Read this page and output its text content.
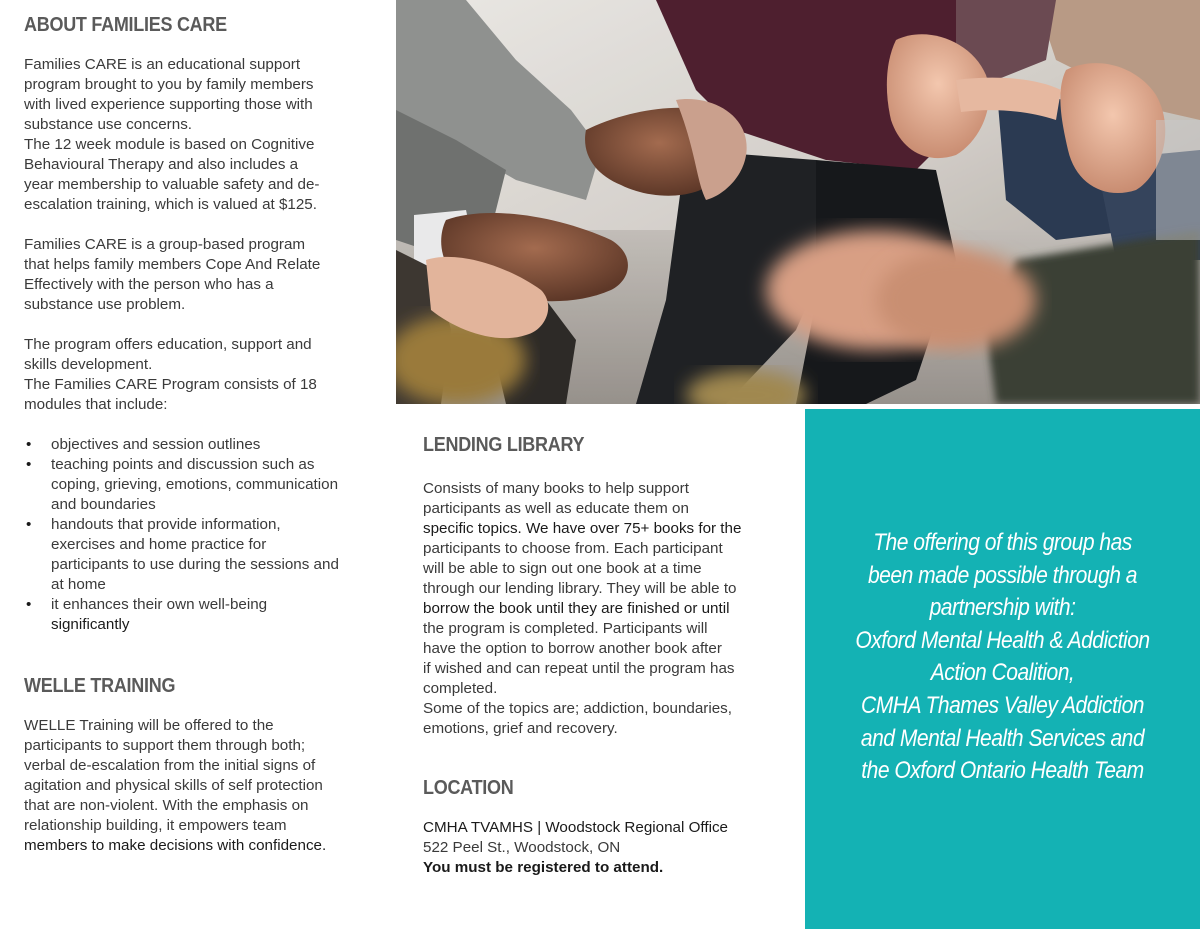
ABOUT FAMILIES CARE
Families CARE is an educational support
program brought to you by family members
with lived experience supporting those with
substance use concerns.
The 12 week module is based on Cognitive
Behavioural Therapy and also includes a
year membership to valuable safety and de-
escalation training, which is valued at $125.
Families CARE is a group-based program
that helps family members Cope And Relate
Effectively with the person who has a
substance use problem.
The program offers education, support and
skills development.
The Families CARE Program consists of 18
modules that include:
• objectives and session outlines
• teaching points and discussion such as
coping, grieving, emotions, communication
and boundaries
• handouts that provide information,
exercises and home practice for
participants to use during the sessions and
at home
• it enhances their own well-being
significantly
WELLE TRAINING
WELLE Training will be offered to the
participants to support them through both;
verbal de-escalation from the initial signs of
agitation and physical skills of self protection
that are non-violent. With the emphasis on
relationship building, it empowers team
members to make decisions with confidence.
LENDING LIBRARY
Consists of many books to help support
participants as well as educate them on
specific topics. We have over 75+ books for the
participants to choose from. Each participant
will be able to sign out one book at a time
through our lending library. They will be able to
borrow the book until they are finished or until
the program is completed. Participants will
have the option to borrow another book after
if wished and can repeat until the program has
completed.
Some of the topics are; addiction, boundaries,
emotions, grief and recovery.
LOCATION
CMHA TVAMHS | Woodstock Regional Office
522 Peel St., Woodstock, ON
You must be registered to attend.
The offering of this group has
been made possible through a
partnership with:
Oxford Mental Health & Addiction
Action Coalition,
CMHA Thames Valley Addiction
and Mental Health Services and
the Oxford Ontario Health Team
